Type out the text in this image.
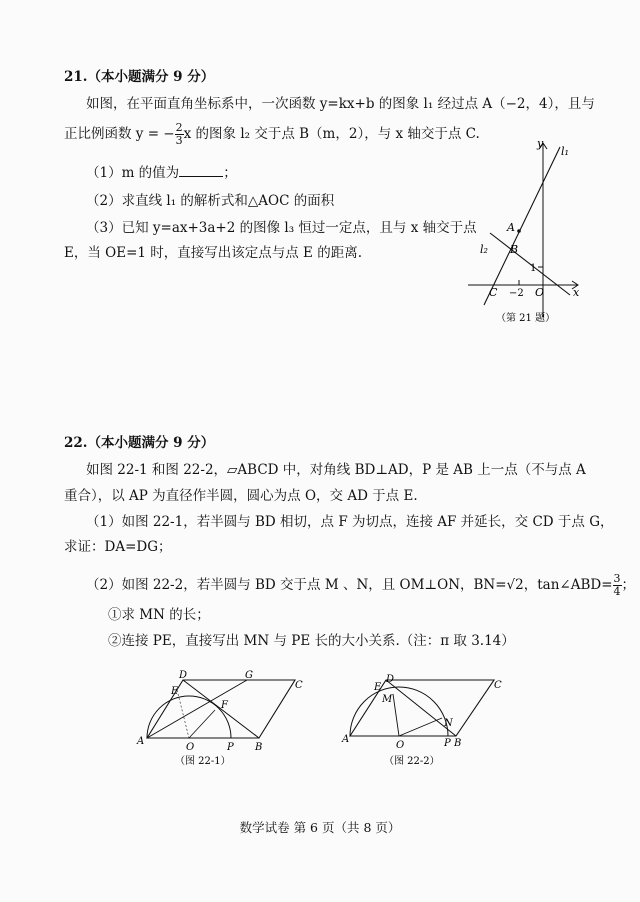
21.（本小题满分 9 分）
如图，在平面直角坐标系中，一次函数 y=kx+b 的图象 l₁ 经过点 A（−2，4），且与
正比例函数 y = − $\frac{2}{3}$ x 的图象 l₂ 交于点 B（m，2），与 x 轴交于点 C.
（1）m 的值为	；
（2）求直线 l₁ 的解析式和△AOC 的面积
（3）已知 y=ax+3a+2 的图像 l₃ 恒过一定点，且与 x 轴交于点
E，当 OE=1 时，直接写出该定点与点 E 的距离.
y
l₁
A
l₂ B
1
C −2 O	x
（第 21 题）
22.（本小题满分 9 分）
如图 22-1 和图 22-2，▱ABCD 中，对角线 BD⊥AD，P 是 AB 上一点（不与点 A
重合），以 AP 为直径作半圆，圆心为点 O，交 AD 于点 E.
（1）如图 22-1，若半圆与 BD 相切，点 F 为切点，连接 AF 并延长，交 CD 于点 G，
求证：DA=DG；
（2）如图 22-2，若半圆与 BD 交于点 M 、N，且 OM⊥ON，BN=√2，tan∠ABD= $\frac{3}{4}$ ；
①求 MN 的长；
②连接 PE，直接写出 MN 与 PE 长的大小关系.（注：π 取 3.14）
D	G
C
E
F
A
O	P B
（图 22-1）
E
D
C
M
N
A
O	P B
（图 22-2）
数学试卷 第 6 页（共 8 页）
